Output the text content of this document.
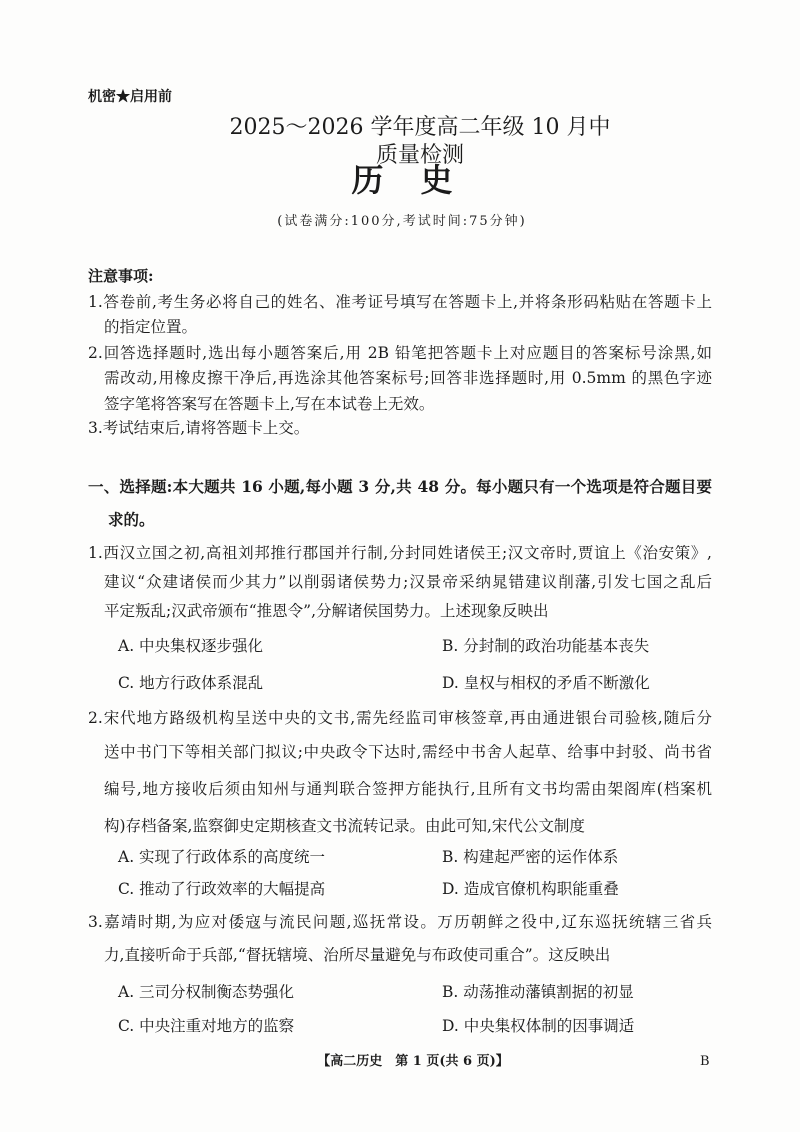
机密★启用前
2025～2026 学年度高二年级 10 月中质量检测
历史
(试卷满分:100分,考试时间:75分钟)
注意事项:
1.答卷前,考生务必将自己的姓名、准考证号填写在答题卡上,并将条形码粘贴在答题卡上
的指定位置。
2.回答选择题时,选出每小题答案后,用 2B 铅笔把答题卡上对应题目的答案标号涂黑,如
需改动,用橡皮擦干净后,再选涂其他答案标号;回答非选择题时,用 0.5mm 的黑色字迹
签字笔将答案写在答题卡上,写在本试卷上无效。
3.考试结束后,请将答题卡上交。
一、选择题:本大题共 16 小题,每小题 3 分,共 48 分。每小题只有一个选项是符合题目要
求的。
1.西汉立国之初,高祖刘邦推行郡国并行制,分封同姓诸侯王;汉文帝时,贾谊上《治安策》,
建议“众建诸侯而少其力”以削弱诸侯势力;汉景帝采纳晁错建议削藩,引发七国之乱后
平定叛乱;汉武帝颁布“推恩令”,分解诸侯国势力。上述现象反映出
A. 中央集权逐步强化	B. 分封制的政治功能基本丧失
C. 地方行政体系混乱	D. 皇权与相权的矛盾不断激化
2.宋代地方路级机构呈送中央的文书,需先经监司审核签章,再由通进银台司验核,随后分
送中书门下等相关部门拟议;中央政令下达时,需经中书舍人起草、给事中封驳、尚书省
编号,地方接收后须由知州与通判联合签押方能执行,且所有文书均需由架阁库(档案机
构)存档备案,监察御史定期核查文书流转记录。由此可知,宋代公文制度
A. 实现了行政体系的高度统一	B. 构建起严密的运作体系
C. 推动了行政效率的大幅提高	D. 造成官僚机构职能重叠
3.嘉靖时期,为应对倭寇与流民问题,巡抚常设。万历朝鲜之役中,辽东巡抚统辖三省兵
力,直接听命于兵部,“督抚辖境、治所尽量避免与布政使司重合”。这反映出
A. 三司分权制衡态势强化	B. 动荡推动藩镇割据的初显
C. 中央注重对地方的监察	D. 中央集权体制的因事调适
【高二历史　第 1 页(共 6 页)】	B
